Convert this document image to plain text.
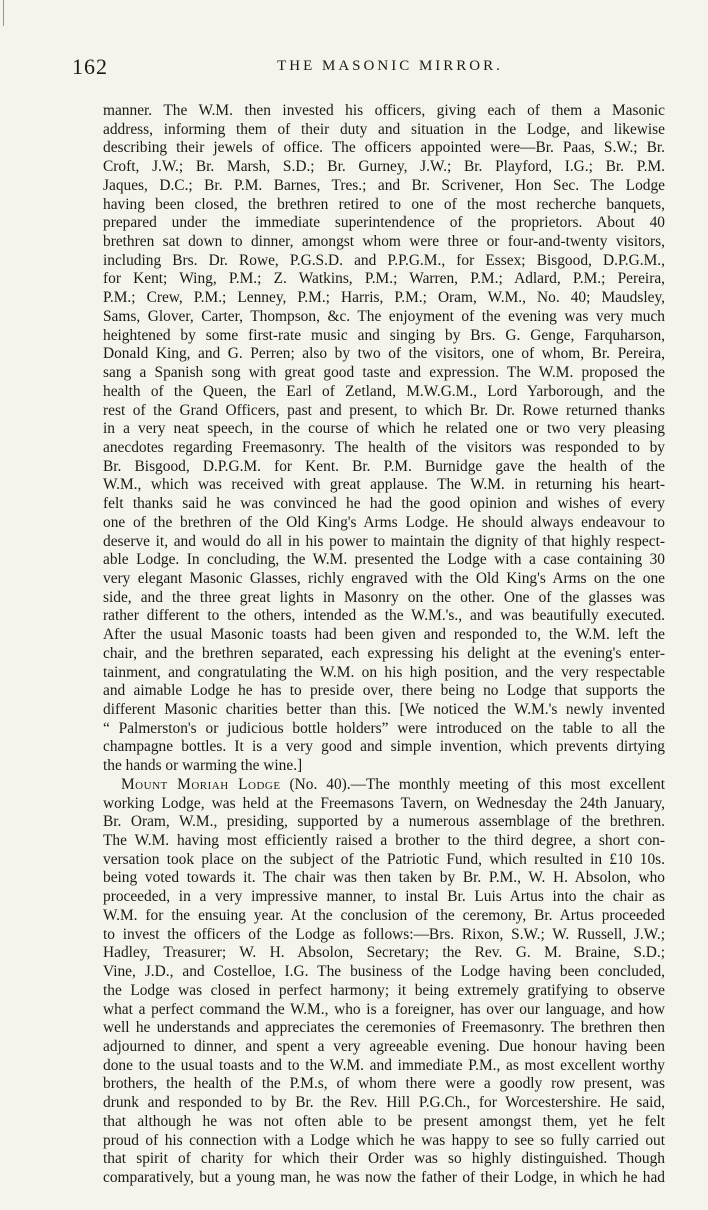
162	THE MASONIC MIRROR.
manner. The W.M. then invested his officers, giving each of them a Masonic
address, informing them of their duty and situation in the Lodge, and likewise
describing their jewels of office. The officers appointed were—Br. Paas, S.W.; Br.
Croft, J.W.; Br. Marsh, S.D.; Br. Gurney, J.W.; Br. Playford, I.G.; Br. P.M.
Jaques, D.C.; Br. P.M. Barnes, Tres.; and Br. Scrivener, Hon Sec. The Lodge
having been closed, the brethren retired to one of the most recherche banquets,
prepared under the immediate superintendence of the proprietors. About 40
brethren sat down to dinner, amongst whom were three or four-and-twenty visitors,
including Brs. Dr. Rowe, P.G.S.D. and P.P.G.M., for Essex; Bisgood, D.P.G.M.,
for Kent; Wing, P.M.; Z. Watkins, P.M.; Warren, P.M.; Adlard, P.M.; Pereira,
P.M.; Crew, P.M.; Lenney, P.M.; Harris, P.M.; Oram, W.M., No. 40; Maudsley,
Sams, Glover, Carter, Thompson, &c. The enjoyment of the evening was very much
heightened by some first-rate music and singing by Brs. G. Genge, Farquharson,
Donald King, and G. Perren; also by two of the visitors, one of whom, Br. Pereira,
sang a Spanish song with great good taste and expression. The W.M. proposed the
health of the Queen, the Earl of Zetland, M.W.G.M., Lord Yarborough, and the
rest of the Grand Officers, past and present, to which Br. Dr. Rowe returned thanks
in a very neat speech, in the course of which he related one or two very pleasing
anecdotes regarding Freemasonry. The health of the visitors was responded to by
Br. Bisgood, D.P.G.M. for Kent. Br. P.M. Burnidge gave the health of the
W.M., which was received with great applause. The W.M. in returning his heart-
felt thanks said he was convinced he had the good opinion and wishes of every
one of the brethren of the Old King's Arms Lodge. He should always endeavour to
deserve it, and would do all in his power to maintain the dignity of that highly respect-
able Lodge. In concluding, the W.M. presented the Lodge with a case containing 30
very elegant Masonic Glasses, richly engraved with the Old King's Arms on the one
side, and the three great lights in Masonry on the other. One of the glasses was
rather different to the others, intended as the W.M.'s., and was beautifully executed.
After the usual Masonic toasts had been given and responded to, the W.M. left the
chair, and the brethren separated, each expressing his delight at the evening's enter-
tainment, and congratulating the W.M. on his high position, and the very respectable
and aimable Lodge he has to preside over, there being no Lodge that supports the
different Masonic charities better than this. [We noticed the W.M.'s newly invented
“ Palmerston's or judicious bottle holders” were introduced on the table to all the
champagne bottles. It is a very good and simple invention, which prevents dirtying
the hands or warming the wine.]
Mount Moriah Lodge (No. 40).—The monthly meeting of this most excellent
working Lodge, was held at the Freemasons Tavern, on Wednesday the 24th January,
Br. Oram, W.M., presiding, supported by a numerous assemblage of the brethren.
The W.M. having most efficiently raised a brother to the third degree, a short con-
versation took place on the subject of the Patriotic Fund, which resulted in £10 10s.
being voted towards it. The chair was then taken by Br. P.M., W. H. Absolon, who
proceeded, in a very impressive manner, to instal Br. Luis Artus into the chair as
W.M. for the ensuing year. At the conclusion of the ceremony, Br. Artus proceeded
to invest the officers of the Lodge as follows:—Brs. Rixon, S.W.; W. Russell, J.W.;
Hadley, Treasurer; W. H. Absolon, Secretary; the Rev. G. M. Braine, S.D.;
Vine, J.D., and Costelloe, I.G. The business of the Lodge having been concluded,
the Lodge was closed in perfect harmony; it being extremely gratifying to observe
what a perfect command the W.M., who is a foreigner, has over our language, and how
well he understands and appreciates the ceremonies of Freemasonry. The brethren then
adjourned to dinner, and spent a very agreeable evening. Due honour having been
done to the usual toasts and to the W.M. and immediate P.M., as most excellent worthy
brothers, the health of the P.M.s, of whom there were a goodly row present, was
drunk and responded to by Br. the Rev. Hill P.G.Ch., for Worcestershire. He said,
that although he was not often able to be present amongst them, yet he felt
proud of his connection with a Lodge which he was happy to see so fully carried out
that spirit of charity for which their Order was so highly distinguished. Though
comparatively, but a young man, he was now the father of their Lodge, in which he had
